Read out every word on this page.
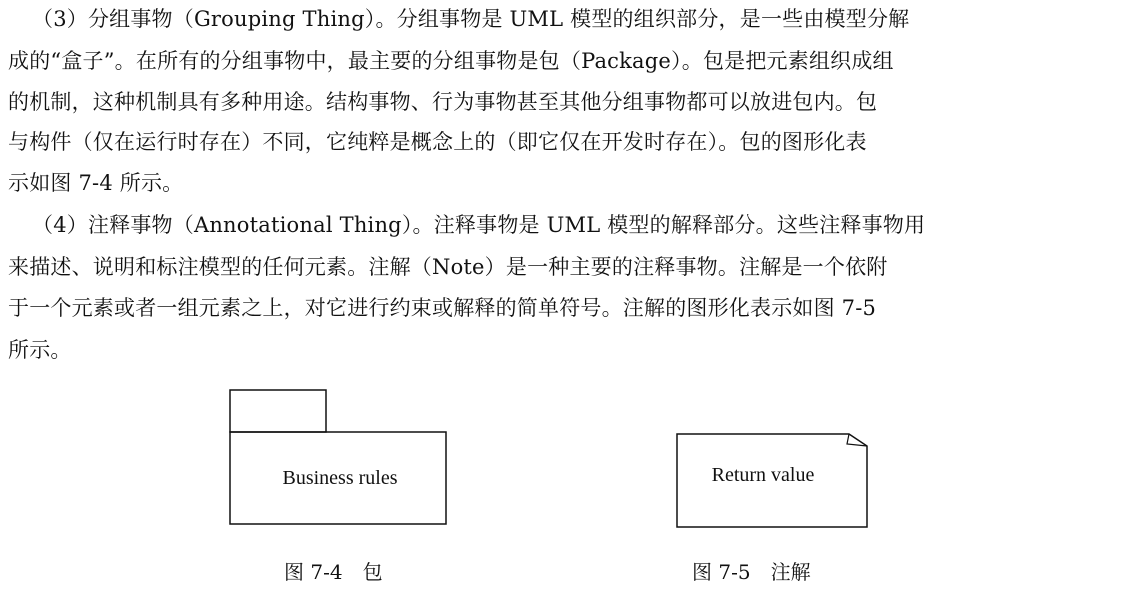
（3）分组事物（Grouping Thing）。分组事物是 UML 模型的组织部分，是一些由模型分解
成的“盒子”。在所有的分组事物中，最主要的分组事物是包（Package）。包是把元素组织成组
的机制，这种机制具有多种用途。结构事物、行为事物甚至其他分组事物都可以放进包内。包
与构件（仅在运行时存在）不同，它纯粹是概念上的（即它仅在开发时存在）。包的图形化表
示如图 7-4 所示。
（4）注释事物（Annotational Thing）。注释事物是 UML 模型的解释部分。这些注释事物用
来描述、说明和标注模型的任何元素。注解（Note）是一种主要的注释事物。注解是一个依附
于一个元素或者一组元素之上，对它进行约束或解释的简单符号。注解的图形化表示如图 7-5
所示。
Business rules	Return value
图 7-4　包	图 7-5　注解
